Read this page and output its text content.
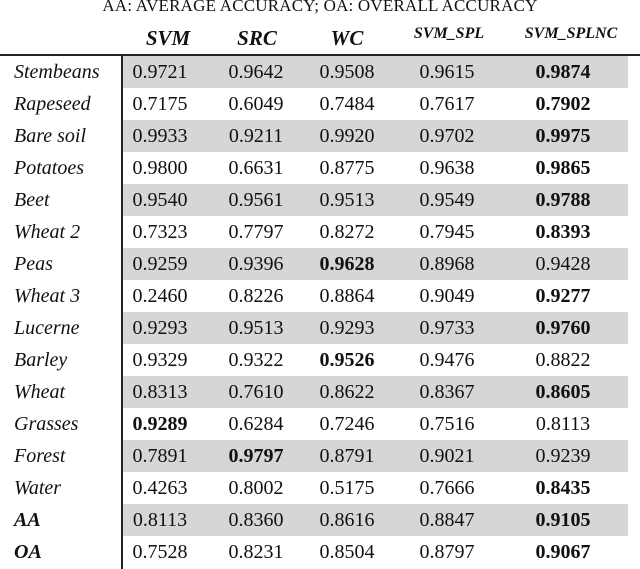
AA: AVERAGE ACCURACY; OA: OVERALL ACCURACY
SVM SRC	WC	SVM_SPL	SVM_SPLNC
Stembeans 0.9721 0.9642 0.9508 0.9615	0.9874
Rapeseed 0.7175 0.6049 0.7484 0.7617	0.7902
Bare soil 0.9933 0.9211 0.9920 0.9702	0.9975
Potatoes 0.9800 0.6631 0.8775 0.9638	0.9865
Beet	0.9540 0.9561 0.9513 0.9549	0.9788
Wheat 2	0.7323 0.7797 0.8272 0.7945	0.8393
Peas	0.9259 0.9396 0.9628 0.8968	0.9428
Wheat 3	0.2460 0.8226 0.8864 0.9049	0.9277
Lucerne	0.9293 0.9513 0.9293 0.9733	0.9760
Barley	0.9329 0.9322 0.9526 0.9476	0.8822
Wheat	0.8313 0.7610 0.8622 0.8367	0.8605
Grasses	0.9289 0.6284 0.7246 0.7516	0.8113
Forest	0.7891 0.9797 0.8791 0.9021	0.9239
Water	0.4263 0.8002 0.5175 0.7666	0.8435
AA	0.8113 0.8360 0.8616 0.8847	0.9105
OA	0.7528 0.8231 0.8504 0.8797	0.9067
